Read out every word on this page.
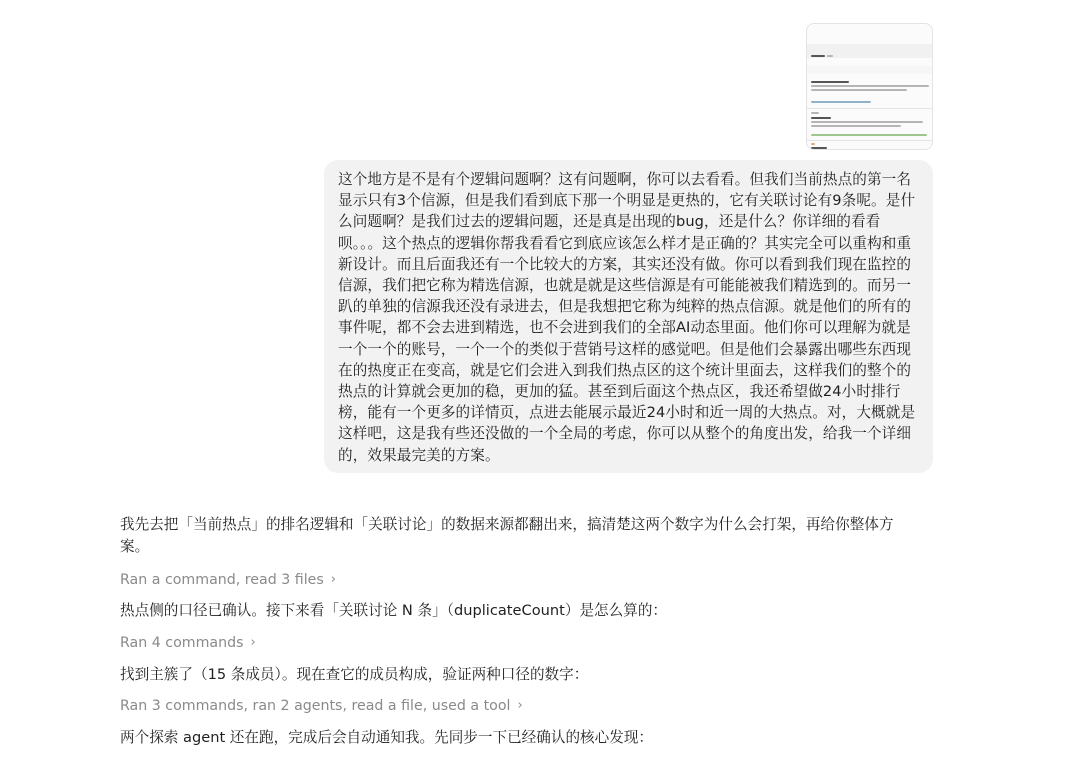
这个地方是不是有个逻辑问题啊？这有问题啊，你可以去看看。但我们当前热点的第一名显示只有3个信源，但是我们看到底下那一个明显是更热的，它有关联讨论有9条呢。是什么问题啊？是我们过去的逻辑问题，还是真是出现的bug，还是什么？你详细的看看呗。。。这个热点的逻辑你帮我看看它到底应该怎么样才是正确的？其实完全可以重构和重新设计。而且后面我还有一个比较大的方案，其实还没有做。你可以看到我们现在监控的信源，我们把它称为精选信源，也就是就是这些信源是有可能能被我们精选到的。而另一趴的单独的信源我还没有录进去，但是我想把它称为纯粹的热点信源。就是他们的所有的事件呢，都不会去进到精选，也不会进到我们的全部AI动态里面。他们你可以理解为就是一个一个的账号，一个一个的类似于营销号这样的感觉吧。但是他们会暴露出哪些东西现在的热度正在变高，就是它们会进入到我们热点区的这个统计里面去，这样我们的整个的热点的计算就会更加的稳，更加的猛。甚至到后面这个热点区，我还希望做24小时排行榜，能有一个更多的详情页，点进去能展示最近24小时和近一周的大热点。对，大概就是这样吧，这是我有些还没做的一个全局的考虑，你可以从整个的角度出发，给我一个详细的，效果最完美的方案。

我先去把「当前热点」的排名逻辑和「关联讨论」的数据来源都翻出来，搞清楚这两个数字为什么会打架，再给你整体方案。

Ran a command, read 3 files ›

热点侧的口径已确认。接下来看「关联讨论 N 条」（duplicateCount）是怎么算的：

Ran 4 commands ›

找到主簇了（15 条成员）。现在查它的成员构成，验证两种口径的数字：

Ran 3 commands, ran 2 agents, read a file, used a tool ›

两个探索 agent 还在跑，完成后会自动通知我。先同步一下已经确认的核心发现：
